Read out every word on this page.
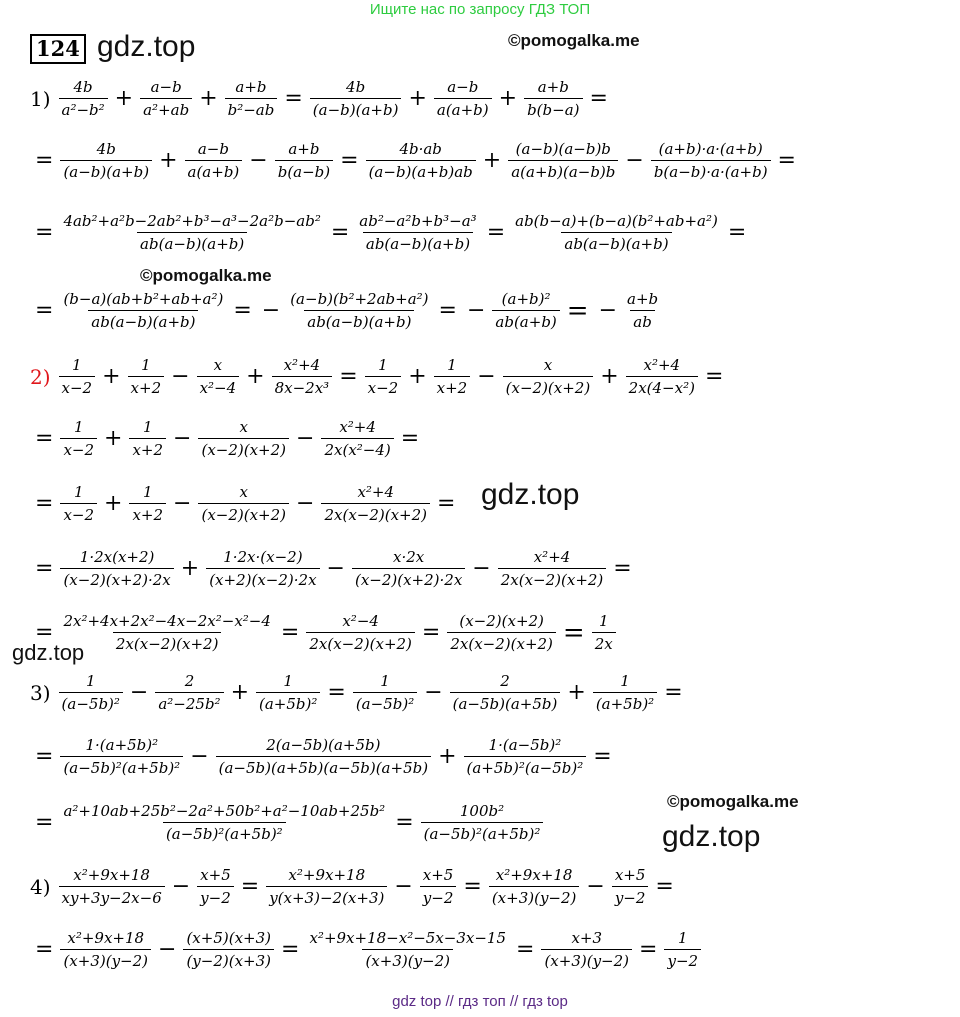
Ищите нас по запросу ГДЗ ТОП
124 gdz.top	©pomogalka.me
©pomogalka.me
gdz.top
gdz.top
©pomogalka.me
gdz.top
$1) \frac{4b}{\text{a²−b²}} + \frac{a-b}{\text{a²+ab}} + \frac{a+b}{\text{b²−ab}} = \frac{4b}{(a-b)(a+b)} + \frac{a-b}{a(a+b)} + \frac{a+b}{b(b-a)}$ =
= $\frac{4b}{(a-b)(a+b)} + \frac{a-b}{a(a+b)} - \frac{a+b}{b(a-b)} = \frac{4b\cdot ab}{(a-b)(a+b)ab} + \frac{(a-b)(a-b)b}{a(a+b)(a-b)b} - \frac{(a+b)\cdot a\cdot(a+b)}{b(a-b)\cdot a\cdot(a+b)}$ =
= $\frac{\text{4ab²+a²b−2ab²+b³−a³−2a²b−ab²}}{ab(a-b)(a+b)} = \frac{\text{ab²−a²b+b³−a³}}{ab(a-b)(a+b)} = \frac{\text{ab(b−a)+(b−a)(b²+ab+a²)}}{ab(a-b)(a+b)}$ =
= $\frac{\text{(b−a)(ab+b²+ab+a²)}}{ab(a-b)(a+b)}$ = − $\frac{\text{(a−b)(b²+2ab+a²)}}{ab(a-b)(a+b)}$ = − $\frac{\text{(a+b)²}}{ab(a+b)}$ = − $\frac{a+b}{ab}$
$2) \frac{1}{x-2} + \frac{1}{x+2} - \frac{x}{\text{x²−4}} + \frac{\text{x²+4}}{\text{8x−2x³}} = \frac{1}{x-2} + \frac{1}{x+2} - \frac{x}{(x-2)(x+2)} + \frac{\text{x²+4}}{\text{2x(4−x²)}}$ =
= $\frac{1}{x-2} + \frac{1}{x+2} - \frac{x}{(x-2)(x+2)} - \frac{\text{x²+4}}{\text{2x(x²−4)}}$ =
= $\frac{1}{x-2} + \frac{1}{x+2} - \frac{x}{(x-2)(x+2)} - \frac{\text{x²+4}}{2x(x-2)(x+2)}$ =
= $\frac{1\cdot 2x(x+2)}{(x-2)(x+2)\cdot 2x} + \frac{1\cdot 2x\cdot(x-2)}{(x+2)(x-2)\cdot 2x} - \frac{x\cdot 2x}{(x-2)(x+2)\cdot 2x} - \frac{\text{x²+4}}{2x(x-2)(x+2)}$ =
= $\frac{\text{2x²+4x+2x²−4x−2x²−x²−4}}{2x(x-2)(x+2)} = \frac{\text{x²−4}}{2x(x-2)(x+2)} = \frac{(x-2)(x+2)}{2x(x-2)(x+2)} = \frac{1}{2x}$
$3) \frac{1}{\text{(a−5b)²}} - \frac{2}{\text{a²−25b²}} + \frac{1}{\text{(a+5b)²}} = \frac{1}{\text{(a−5b)²}} - \frac{2}{(a-5b)(a+5b)} + \frac{1}{\text{(a+5b)²}}$ =
= $\frac{\text{1·(a+5b)²}}{\text{(a−5b)²(a+5b)²}} - \frac{2(a-5b)(a+5b)}{(a-5b)(a+5b)(a-5b)(a+5b)} + \frac{\text{1·(a−5b)²}}{\text{(a+5b)²(a−5b)²}}$ =
= $\frac{\text{a²+10ab+25b²−2a²+50b²+a²−10ab+25b²}}{\text{(a−5b)²(a+5b)²}} = \frac{\text{100b²}}{\text{(a−5b)²(a+5b)²}}$
$4) \frac{\text{x²+9x+18}}{xy+3y-2x-6} - \frac{x+5}{y-2} = \frac{\text{x²+9x+18}}{y(x+3)-2(x+3)} - \frac{x+5}{y-2} = \frac{\text{x²+9x+18}}{(x+3)(y-2)} - \frac{x+5}{y-2}$ =
= $\frac{\text{x²+9x+18}}{(x+3)(y-2)} - \frac{(x+5)(x+3)}{(y-2)(x+3)} = \frac{\text{x²+9x+18−x²−5x−3x−15}}{(x+3)(y-2)} = \frac{x+3}{(x+3)(y-2)} = \frac{1}{y-2}$
gdz top // гдз топ // гдз top
